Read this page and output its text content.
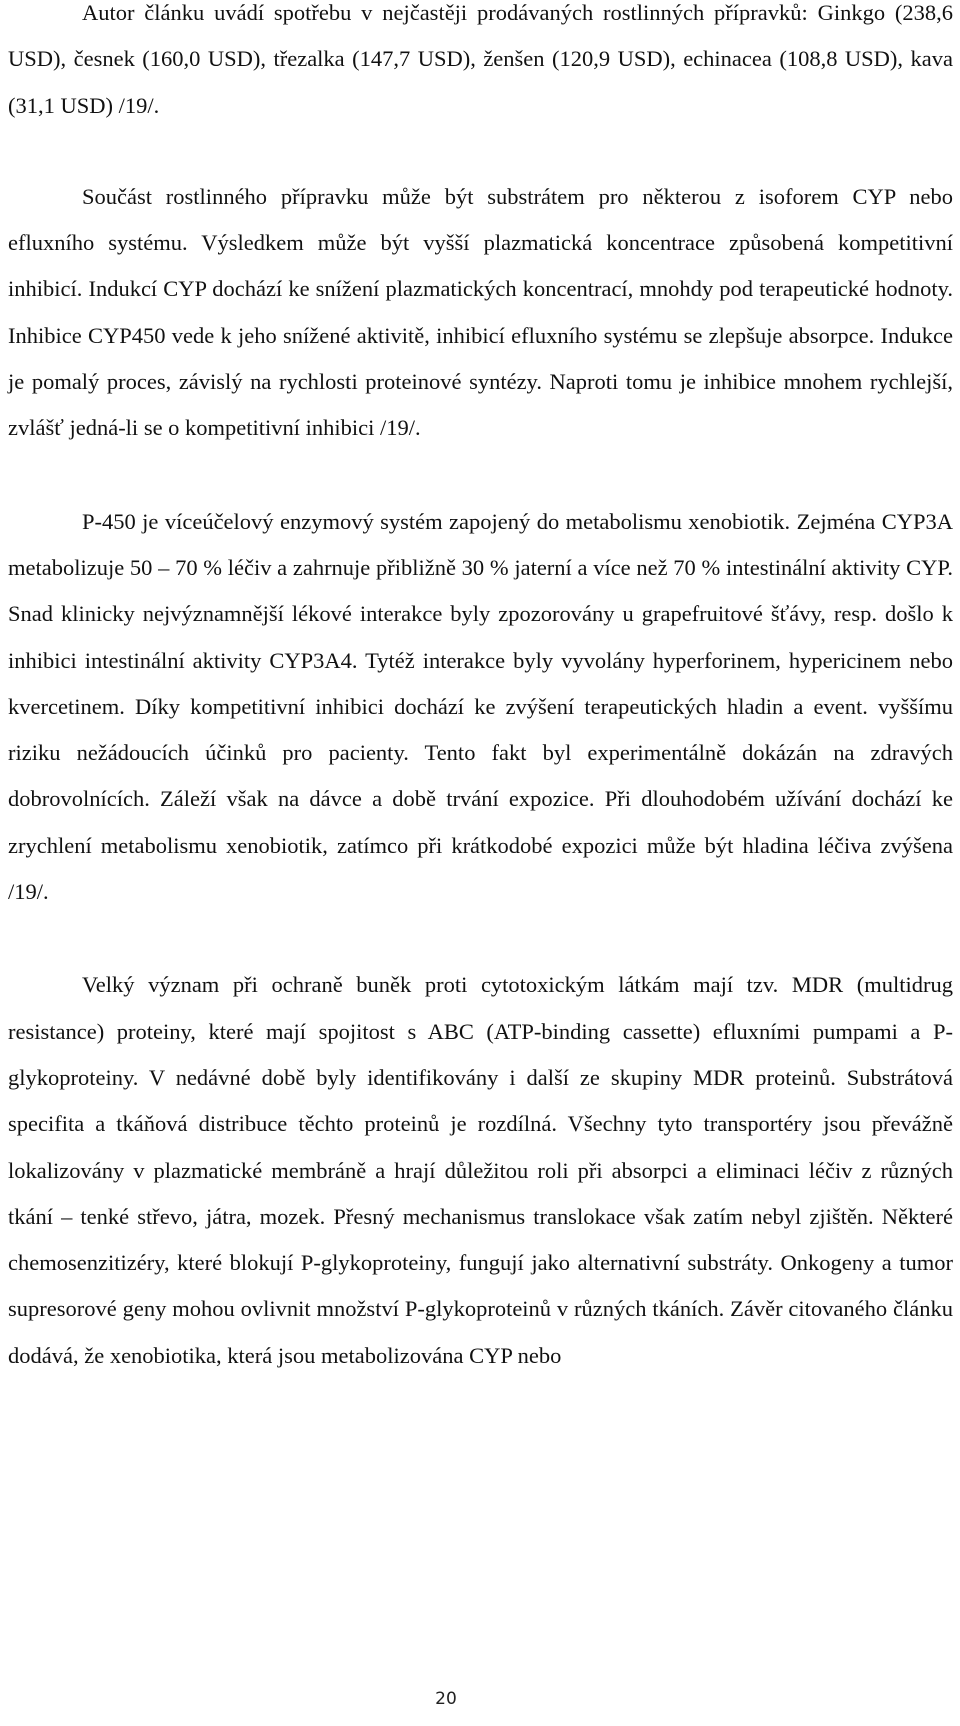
Autor článku uvádí spotřebu v nejčastěji prodávaných rostlinných přípravků: Ginkgo (238,6 USD), česnek (160,0 USD), třezalka (147,7 USD), ženšen (120,9 USD), echinacea (108,8 USD), kava (31,1 USD) /19/.

Součást rostlinného přípravku může být substrátem pro některou z isoforem CYP nebo efluxního systému. Výsledkem může být vyšší plazmatická koncentrace způsobená kompetitivní inhibicí. Indukcí CYP dochází ke snížení plazmatických koncentrací, mnohdy pod terapeutické hodnoty. Inhibice CYP450 vede k jeho snížené aktivitě, inhibicí efluxního systému se zlepšuje absorpce. Indukce je pomalý proces, závislý na rychlosti proteinové syntézy. Naproti tomu je inhibice mnohem rychlejší, zvlášť jedná-li se o kompetitivní inhibici /19/.

P-450 je víceúčelový enzymový systém zapojený do metabolismu xenobiotik. Zejména CYP3A metabolizuje 50 – 70 % léčiv a zahrnuje přibližně 30 % jaterní a více než 70 % intestinální aktivity CYP. Snad klinicky nejvýznamnější lékové interakce byly zpozorovány u grapefruitové šťávy, resp. došlo k inhibici intestinální aktivity CYP3A4. Tytéž interakce byly vyvolány hyperforinem, hypericinem nebo kvercetinem. Díky kompetitivní inhibici dochází ke zvýšení terapeutických hladin a event. vyššímu riziku nežádoucích účinků pro pacienty. Tento fakt byl experimentálně dokázán na zdravých dobrovolnících. Záleží však na dávce a době trvání expozice. Při dlouhodobém užívání dochází ke zrychlení metabolismu xenobiotik, zatímco při krátkodobé expozici může být hladina léčiva zvýšena /19/.

Velký význam při ochraně buněk proti cytotoxickým látkám mají tzv. MDR (multidrug resistance) proteiny, které mají spojitost s ABC (ATP-binding cassette) efluxními pumpami a P-glykoproteiny. V nedávné době byly identifikovány i další ze skupiny MDR proteinů. Substrátová specifita a tkáňová distribuce těchto proteinů je rozdílná. Všechny tyto transportéry jsou převážně lokalizovány v plazmatické membráně a hrají důležitou roli při absorpci a eliminaci léčiv z různých tkání – tenké střevo, játra, mozek. Přesný mechanismus translokace však zatím nebyl zjištěn. Některé chemosenzitizéry, které blokují P-glykoproteiny, fungují jako alternativní substráty. Onkogeny a tumor supresorové geny mohou ovlivnit množství P-glykoproteinů v různých tkáních. Závěr citovaného článku dodává, že xenobiotika, která jsou metabolizována CYP nebo

20
